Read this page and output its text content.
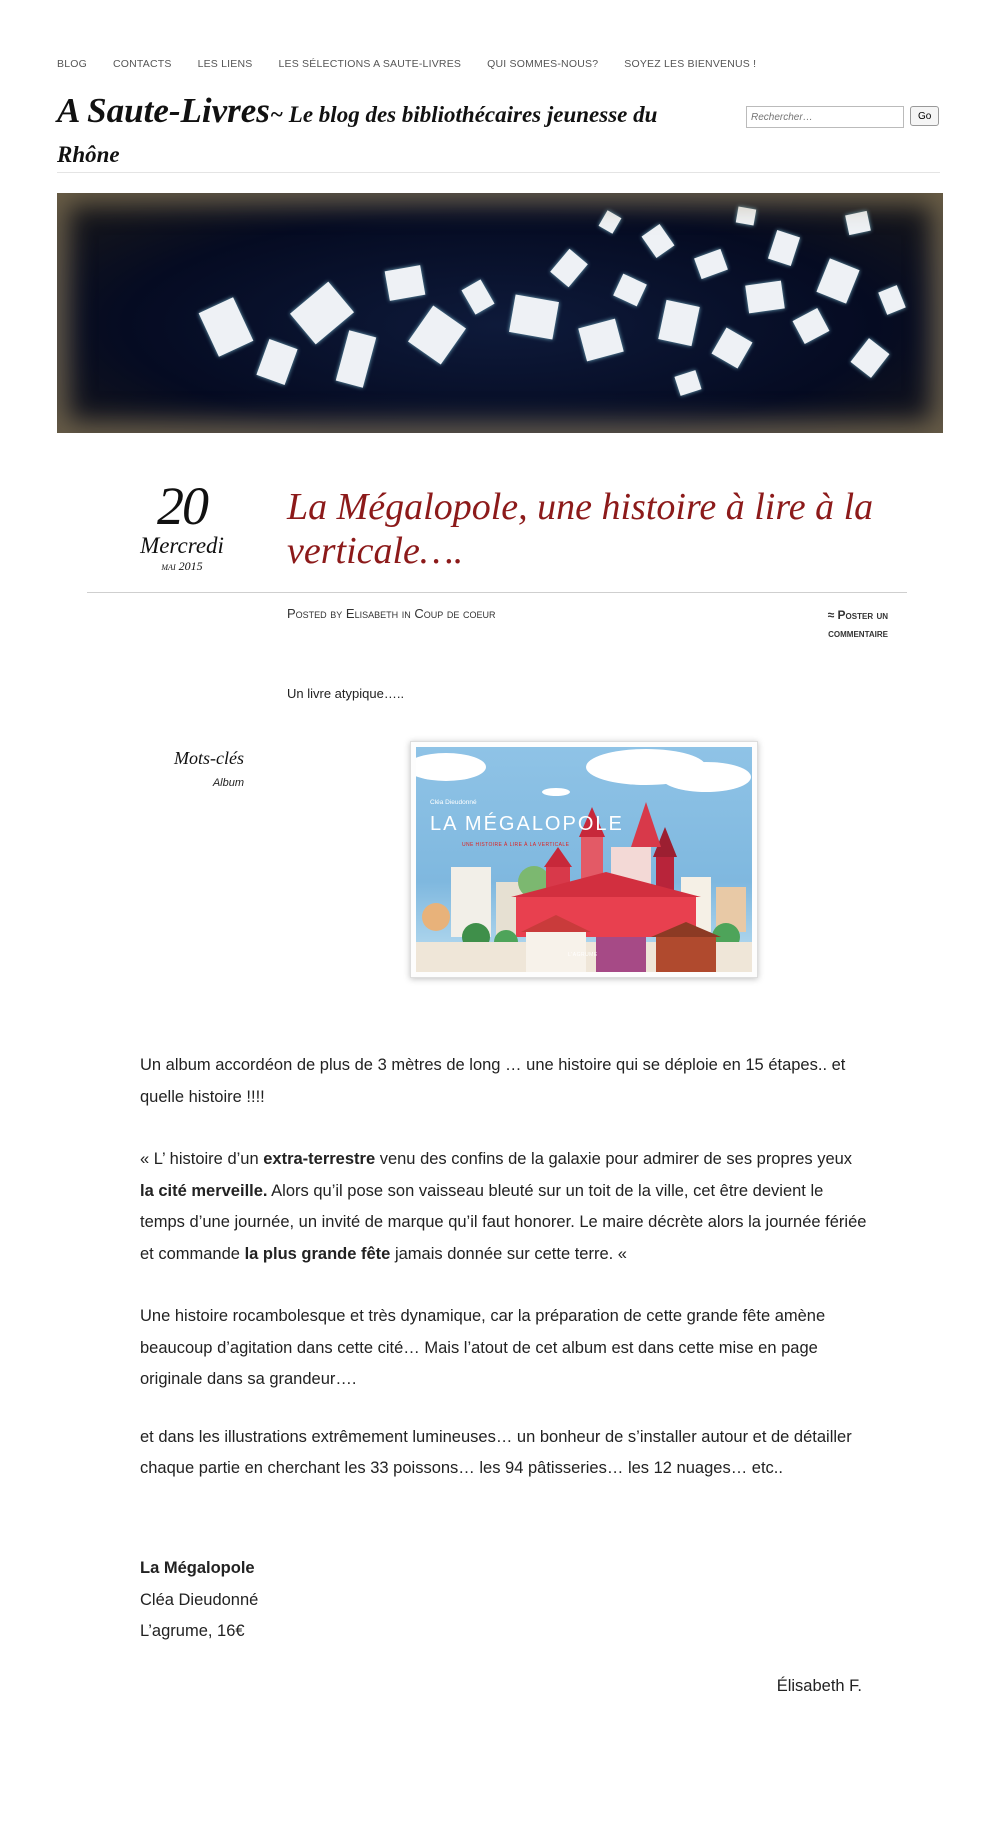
BLOG CONTACTS LES LIENS LES SÉLECTIONS A SAUTE-LIVRES QUI SOMMES-NOUS? SOYEZ LES BIENVENUS !
A Saute-Livres~ Le blog des bibliothécaires jeunesse du Rhône
Rechercher…
Go
20
Mercredi
mai 2015
La Mégalopole, une histoire à lire à la verticale….
Posted by Elisabeth in Coup de coeur	≈ Poster un commentaire
Un livre atypique…..
Mots-clés
Album
Cléa Dieudonné
LA MÉGALOPOLE
UNE HISTOIRE À LIRE À LA VERTICALE
L'AGRUME

Un album accordéon de plus de 3 mètres de long … une histoire qui se déploie en 15 étapes.. et quelle histoire !!!!

« L’ histoire d’un extra-terrestre venu des confins de la galaxie pour admirer de ses propres yeux la cité merveille. Alors qu’il pose son vaisseau bleuté sur un toit de la ville, cet être devient le temps d’une journée, un invité de marque qu’il faut honorer. Le maire décrète alors la journée fériée et commande la plus grande fête jamais donnée sur cette terre. «

Une histoire rocambolesque et très dynamique, car la préparation de cette grande fête amène beaucoup d’agitation dans cette cité… Mais l’atout de cet album est dans cette mise en page originale dans sa grandeur….

et dans les illustrations extrêmement lumineuses… un bonheur de s’installer autour et de détailler chaque partie en cherchant les 33 poissons… les 94 pâtisseries… les 12 nuages… etc..

La Mégalopole
Cléa Dieudonné
L’agrume, 16€
Élisabeth F.
